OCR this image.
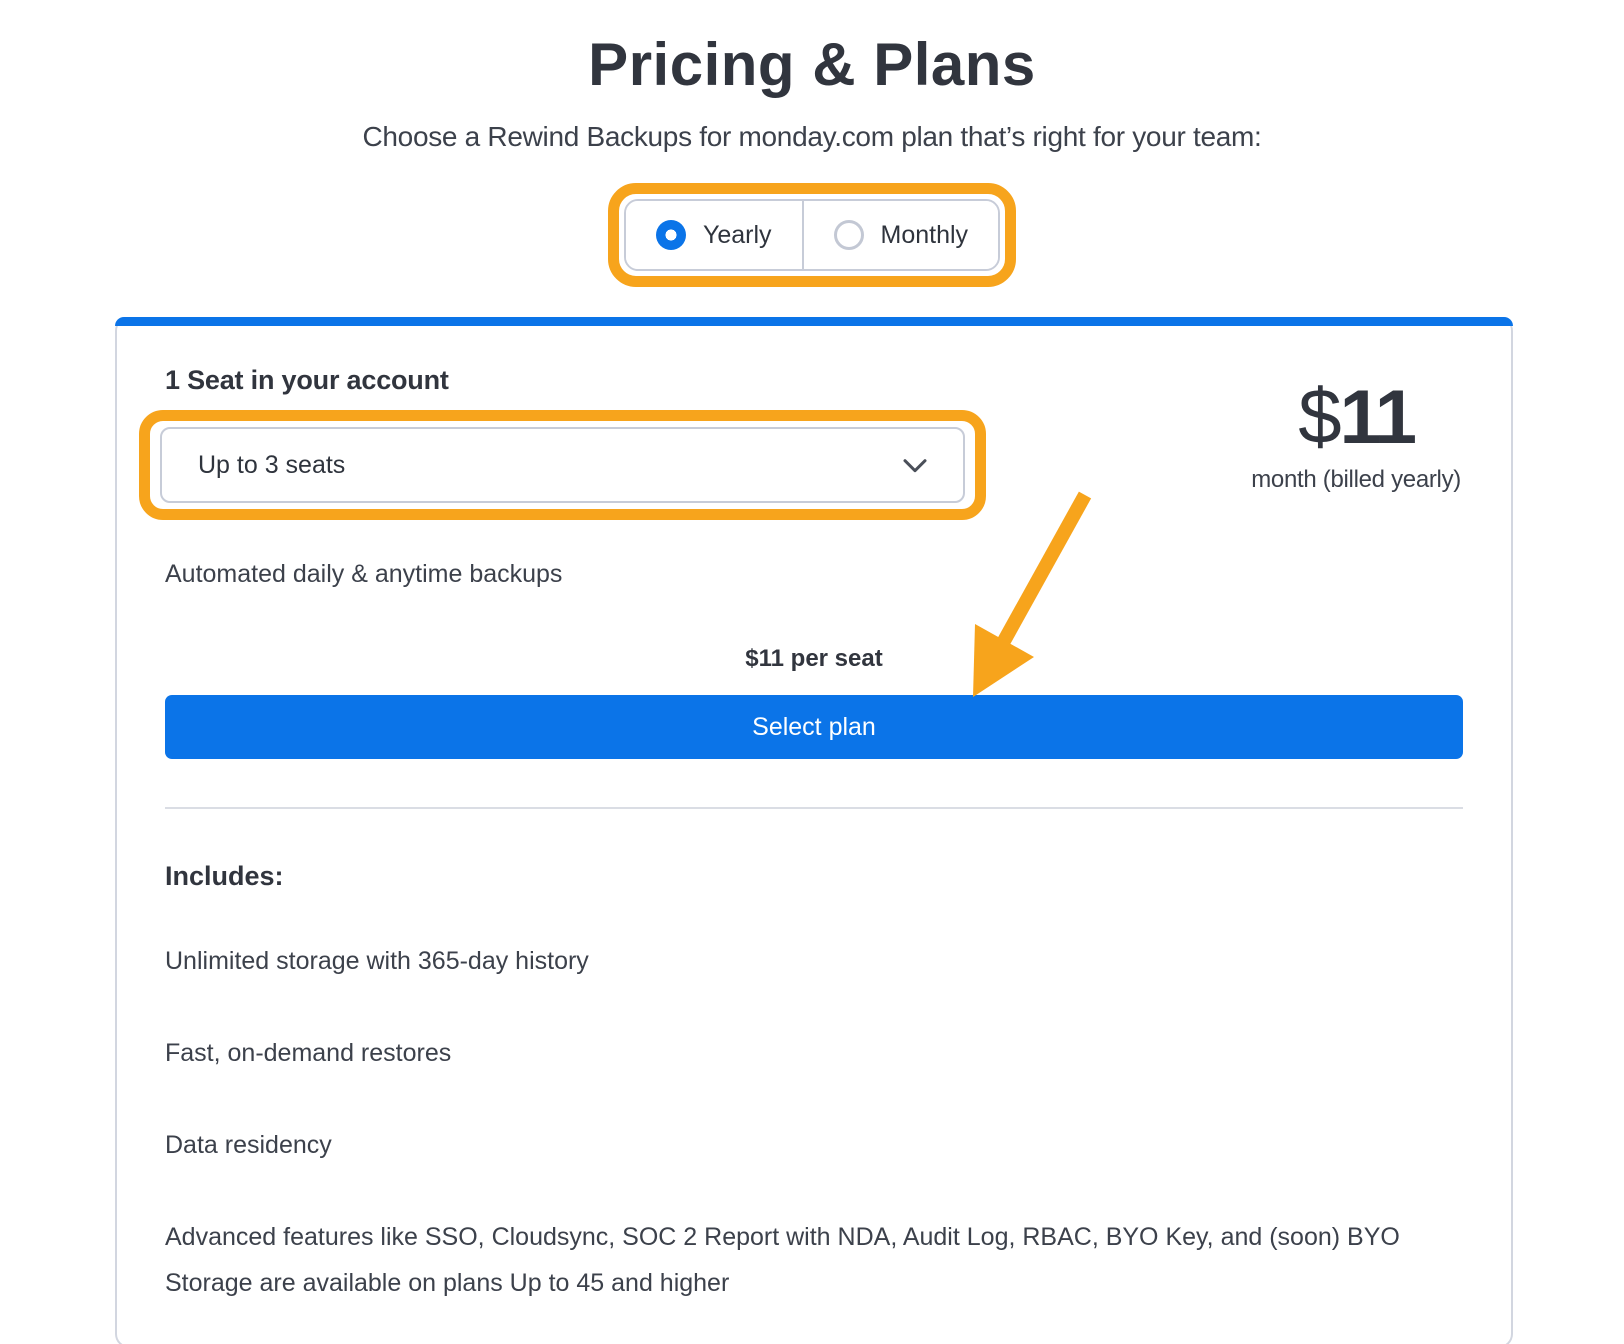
Pricing & Plans

Choose a Rewind Backups for monday.com plan that’s right for your team:

Yearly	Monthly
1 Seat in your account
Up to 3 seats
$11
month (billed yearly)

Automated daily & anytime backups

$11 per seat

Select plan
Includes:

Unlimited storage with 365-day history

Fast, on-demand restores

Data residency

Advanced features like SSO, Cloudsync, SOC 2 Report with NDA, Audit Log, RBAC, BYO Key, and (soon) BYO Storage are available on plans Up to 45 and higher
